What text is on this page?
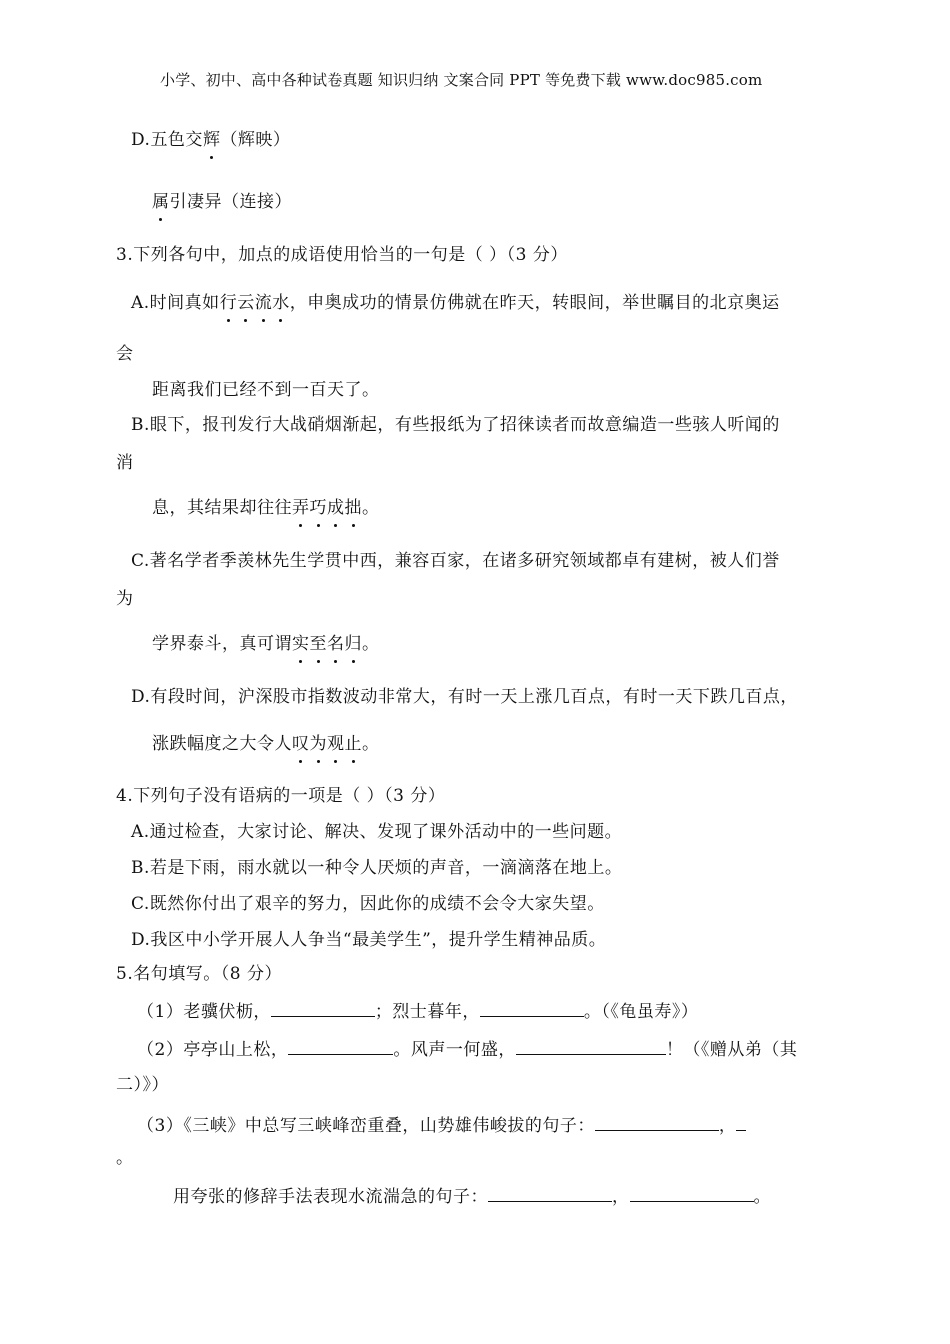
小学、初中、高中各种试卷真题 知识归纳 文案合同 PPT 等免费下载 www.doc985.com
D.五色交辉（辉映）
属引凄异（连接）
3.下列各句中，加点的成语使用恰当的一句是（ ）（3 分）
A.时间真如行云流水，申奥成功的情景仿佛就在昨天，转眼间，举世瞩目的北京奥运
会
距离我们已经不到一百天了。
B.眼下，报刊发行大战硝烟渐起，有些报纸为了招徕读者而故意编造一些骇人听闻的
消
息，其结果却往往弄巧成拙。
C.著名学者季羡林先生学贯中西，兼容百家，在诸多研究领域都卓有建树，被人们誉
为
学界泰斗，真可谓实至名归。
D.有段时间，沪深股市指数波动非常大，有时一天上涨几百点，有时一天下跌几百点，
涨跌幅度之大令人叹为观止。
4.下列句子没有语病的一项是（ ）（3 分）
A.通过检查，大家讨论、解决、发现了课外活动中的一些问题。
B.若是下雨，雨水就以一种令人厌烦的声音，一滴滴落在地上。
C.既然你付出了艰辛的努力，因此你的成绩不会令大家失望。
D.我区中小学开展人人争当“最美学生”，提升学生精神品质。
5.名句填写。（8 分）
（1）老骥伏枥，	；烈士暮年，	。（《龟虽寿》）
（2）亭亭山上松，	。风声一何盛，	！（《赠从弟（其
二）》）
（3）《三峡》中总写三峡峰峦重叠，山势雄伟峻拔的句子：	，
。
用夸张的修辞手法表现水流湍急的句子：	，	。
